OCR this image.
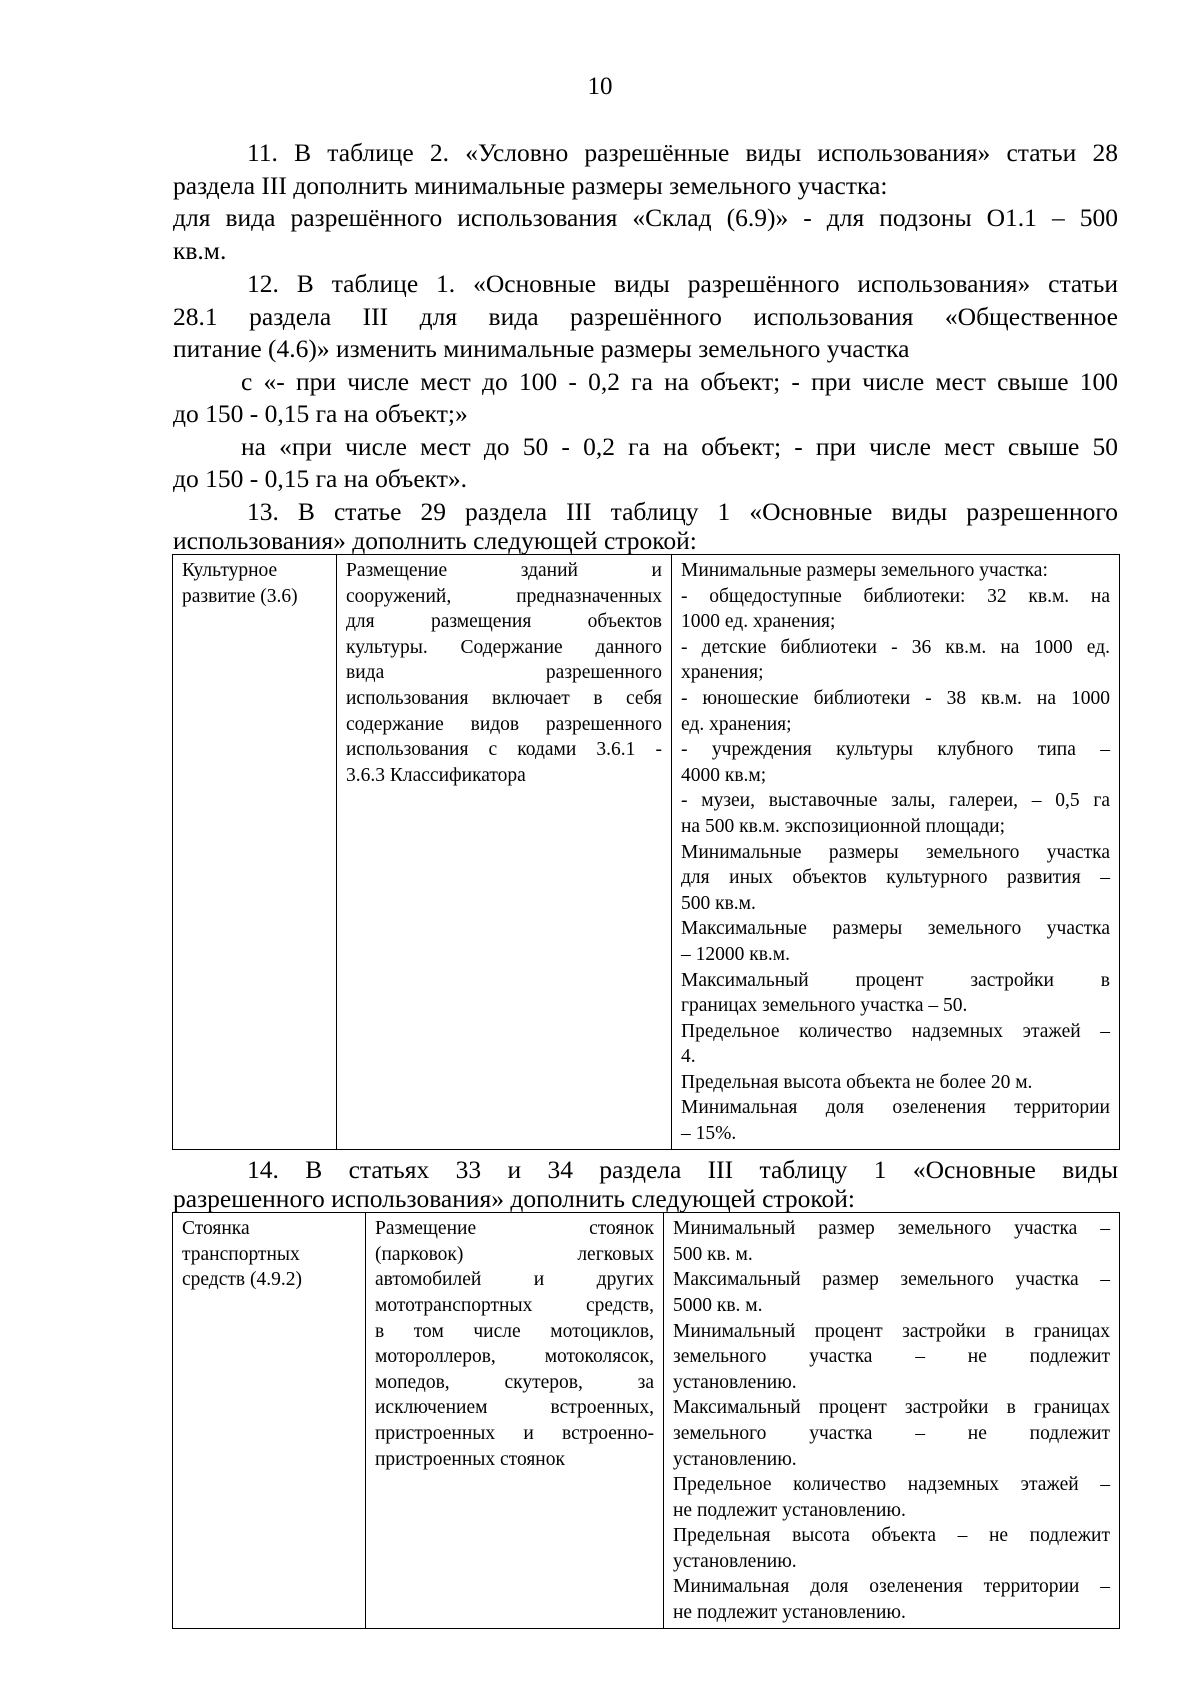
10
11. В таблице 2. «Условно разрешённые виды использования» статьи 28
раздела III дополнить минимальные размеры земельного участка:
для вида разрешённого использования «Склад (6.9)» - для подзоны О1.1 – 500
кв.м.
12. В таблице 1. «Основные виды разрешённого использования» статьи
28.1 раздела III для вида разрешённого использования «Общественное
питание (4.6)» изменить минимальные размеры земельного участка
с «- при числе мест до 100 - 0,2 га на объект; - при числе мест свыше 100
до 150 - 0,15 га на объект;»
на «при числе мест до 50 - 0,2 га на объект; - при числе мест свыше 50
до 150 - 0,15 га на объект».
13. В статье 29 раздела III таблицу 1 «Основные виды разрешенного
использования» дополнить следующей строкой:
Культурное
развитие (3.6)

Размещение зданий и
сооружений, предназначенных
для размещения объектов
культуры. Содержание данного
вида разрешенного
использования включает в себя
содержание видов разрешенного
использования с кодами 3.6.1 -
3.6.3 Классификатора

Минимальные размеры земельного участка:
- общедоступные библиотеки: 32 кв.м. на
1000 ед. хранения;
- детские библиотеки - 36 кв.м. на 1000 ед.
хранения;
- юношеские библиотеки - 38 кв.м. на 1000
ед. хранения;
- учреждения культуры клубного типа –
4000 кв.м;
- музеи, выставочные залы, галереи, – 0,5 га
на 500 кв.м. экспозиционной площади;
Минимальные размеры земельного участка
для иных объектов культурного развития –
500 кв.м.
Максимальные размеры земельного участка
– 12000 кв.м.
Максимальный процент застройки в
границах земельного участка – 50.
Предельное количество надземных этажей –
4.
Предельная высота объекта не более 20 м.
Минимальная доля озеленения территории
– 15%.
14. В статьях 33 и 34 раздела III таблицу 1 «Основные виды
разрешенного использования» дополнить следующей строкой:
Стоянка
транспортных
средств (4.9.2)

Размещение стоянок
(парковок) легковых
автомобилей и других
мототранспортных средств,
в том числе мотоциклов,
мотороллеров, мотоколясок,
мопедов, скутеров, за
исключением встроенных,
пристроенных и встроенно-
пристроенных стоянок

Минимальный размер земельного участка –
500 кв. м.
Максимальный размер земельного участка –
5000 кв. м.
Минимальный процент застройки в границах
земельного участка – не подлежит
установлению.
Максимальный процент застройки в границах
земельного участка – не подлежит
установлению.
Предельное количество надземных этажей –
не подлежит установлению.
Предельная высота объекта – не подлежит
установлению.
Минимальная доля озеленения территории –
не подлежит установлению.
